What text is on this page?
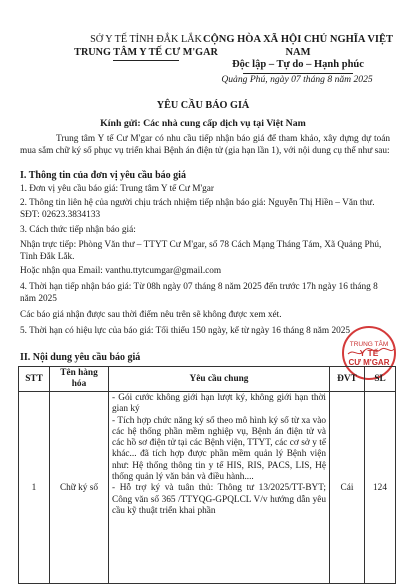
SỞ Y TẾ TỈNH ĐẮK LẮK
TRUNG TÂM Y TẾ CƯ M'GAR
CỘNG HÒA XÃ HỘI CHỦ NGHĨA VIỆT NAM
Độc lập – Tự do – Hạnh phúc
Quảng Phú, ngày 07 tháng 8 năm 2025
YÊU CẦU BÁO GIÁ
Kính gửi: Các nhà cung cấp dịch vụ tại Việt Nam
Trung tâm Y tế Cư M'gar có nhu cầu tiếp nhận báo giá để tham khảo, xây dựng dự toán mua sắm chữ ký số phục vụ triển khai Bệnh án điện tử (gia hạn lần 1), với nội dung cụ thể như sau:
I. Thông tin của đơn vị yêu cầu báo giá
1. Đơn vị yêu cầu báo giá: Trung tâm Y tế Cư M'gar
2. Thông tin liên hệ của người chịu trách nhiệm tiếp nhận báo giá: Nguyễn Thị Hiền – Văn thư. SĐT: 02623.3834133
3. Cách thức tiếp nhận báo giá:
Nhận trực tiếp: Phòng Văn thư – TTYT Cư M'gar, số 78 Cách Mạng Tháng Tám, Xã Quảng Phú, Tỉnh Đắk Lắk.
Hoặc nhận qua Email: vanthu.ttytcumgar@gmail.com
4. Thời hạn tiếp nhận báo giá: Từ 08h ngày 07 tháng 8 năm 2025 đến trước 17h ngày 16 tháng 8 năm 2025
Các báo giá nhận được sau thời điểm nêu trên sẽ không được xem xét.
5. Thời hạn có hiệu lực của báo giá: Tối thiểu 150 ngày, kể từ ngày 16 tháng 8 năm 2025
TRUNG TÂM
Y TẾ
CƯ M'GAR
II. Nội dung yêu cầu báo giá
STT	Tên hàng hóa	Yêu cầu chung	ĐVT	SL
1	Chữ ký số	- Gói cước không giới hạn lượt ký, không giới hạn thời gian ký
- Tích hợp chức năng ký số theo mô hình ký số từ xa vào các hệ thống phần mềm nghiệp vụ, Bệnh án điện tử và các hồ sơ điện tử tại các Bệnh viện, TTYT, các cơ sở y tế khác... đã tích hợp được phần mềm quản lý Bệnh viện như: Hệ thống thông tin y tế HIS, RIS, PACS, LIS, Hệ thống quản lý văn bản và điều hành....
- Hỗ trợ ký và tuân thủ: Thông tư 13/2025/TT-BYT; Công văn số 365 /TTYQG-GPQLCL V/v hướng dẫn yêu cầu kỹ thuật triển khai phần	Cái	124
